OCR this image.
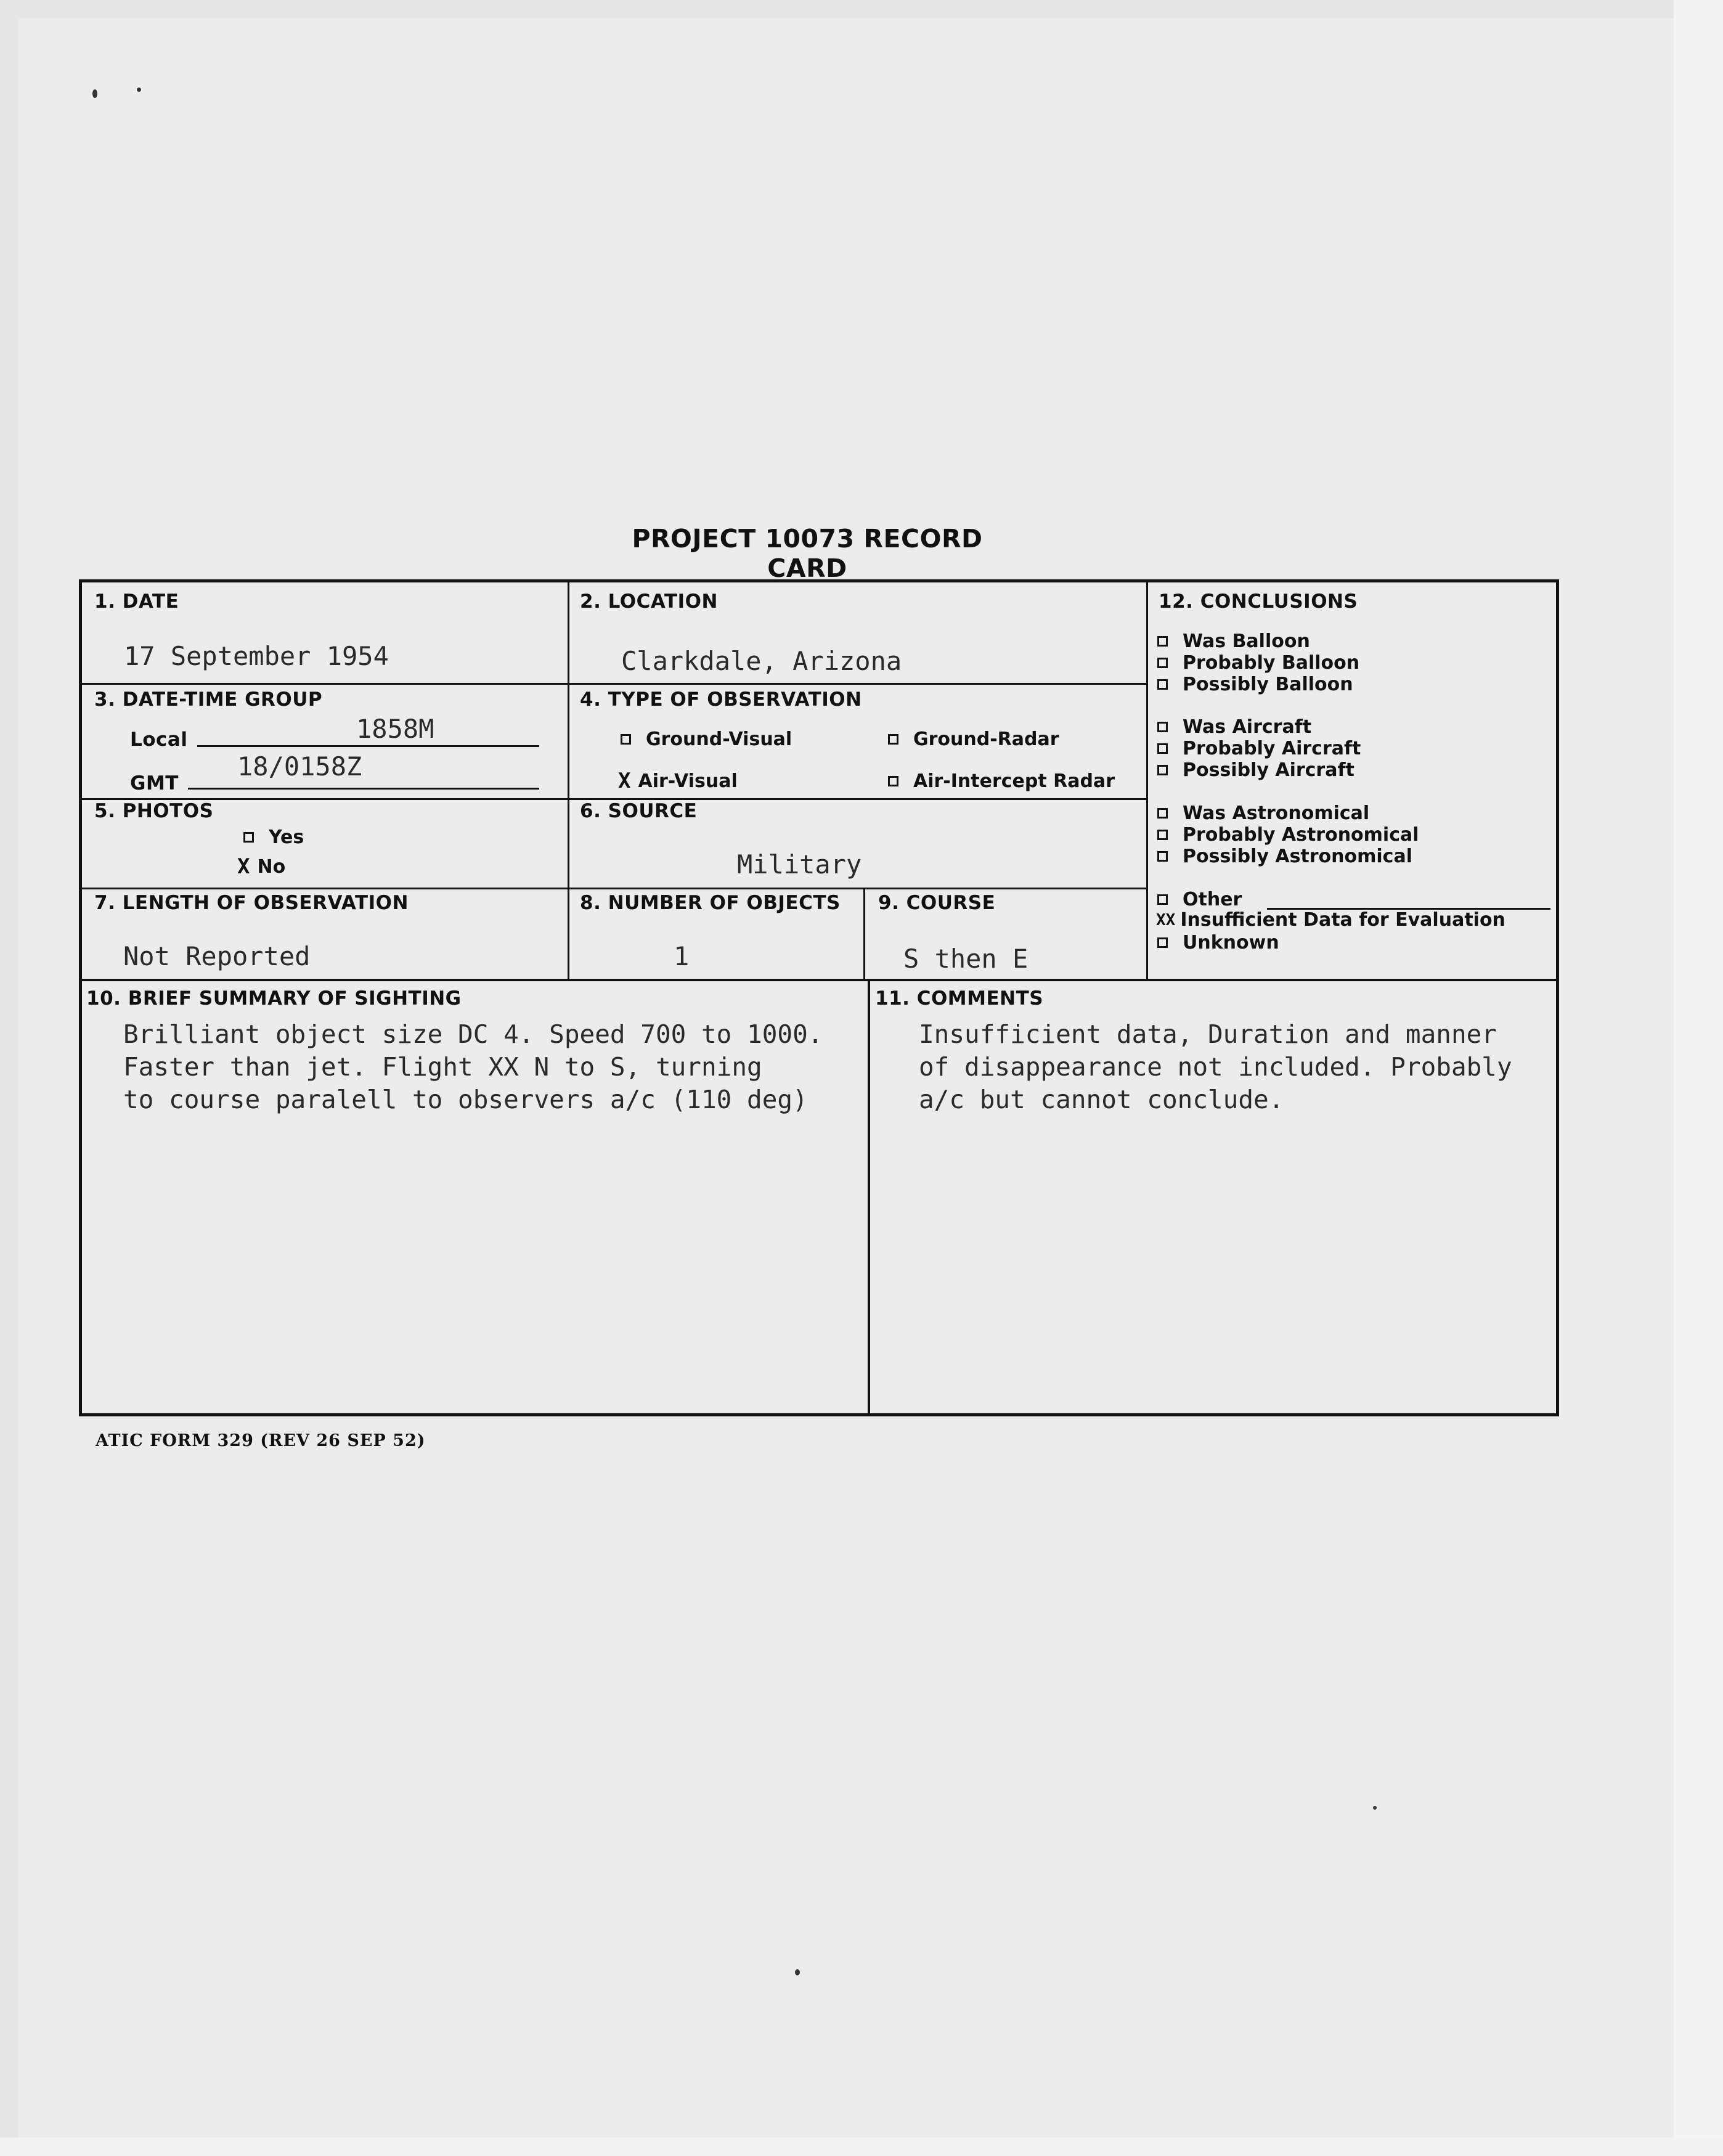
PROJECT 10073 RECORD CARD
1. DATE
17 September 1954
2. LOCATION
Clarkdale, Arizona
3. DATE-TIME GROUP
Local	1858M
GMT
18/0158Z
4. TYPE OF OBSERVATION
Ground-Visual	Ground-Radar
X Air-Visual	Air-Intercept Radar
5. PHOTOS
Yes
X No
6. SOURCE
Military
7. LENGTH OF OBSERVATION
Not Reported
8. NUMBER OF OBJECTS
1
9. COURSE
S then E
10. BRIEF SUMMARY OF SIGHTING
Brilliant object size DC 4. Speed 700 to 1000.
Faster than jet. Flight XX N to S, turning
to course paralell to observers a/c (110 deg)
11. COMMENTS
Insufficient data, Duration and manner
of disappearance not included. Probably
a/c but cannot conclude.
12. CONCLUSIONS
Was Balloon
Probably Balloon
Possibly Balloon
Was Aircraft
Probably Aircraft
Possibly Aircraft
Was Astronomical
Probably Astronomical
Possibly Astronomical
Other
XX Insufficient Data for Evaluation
Unknown
ATIC FORM 329 (REV 26 SEP 52)
